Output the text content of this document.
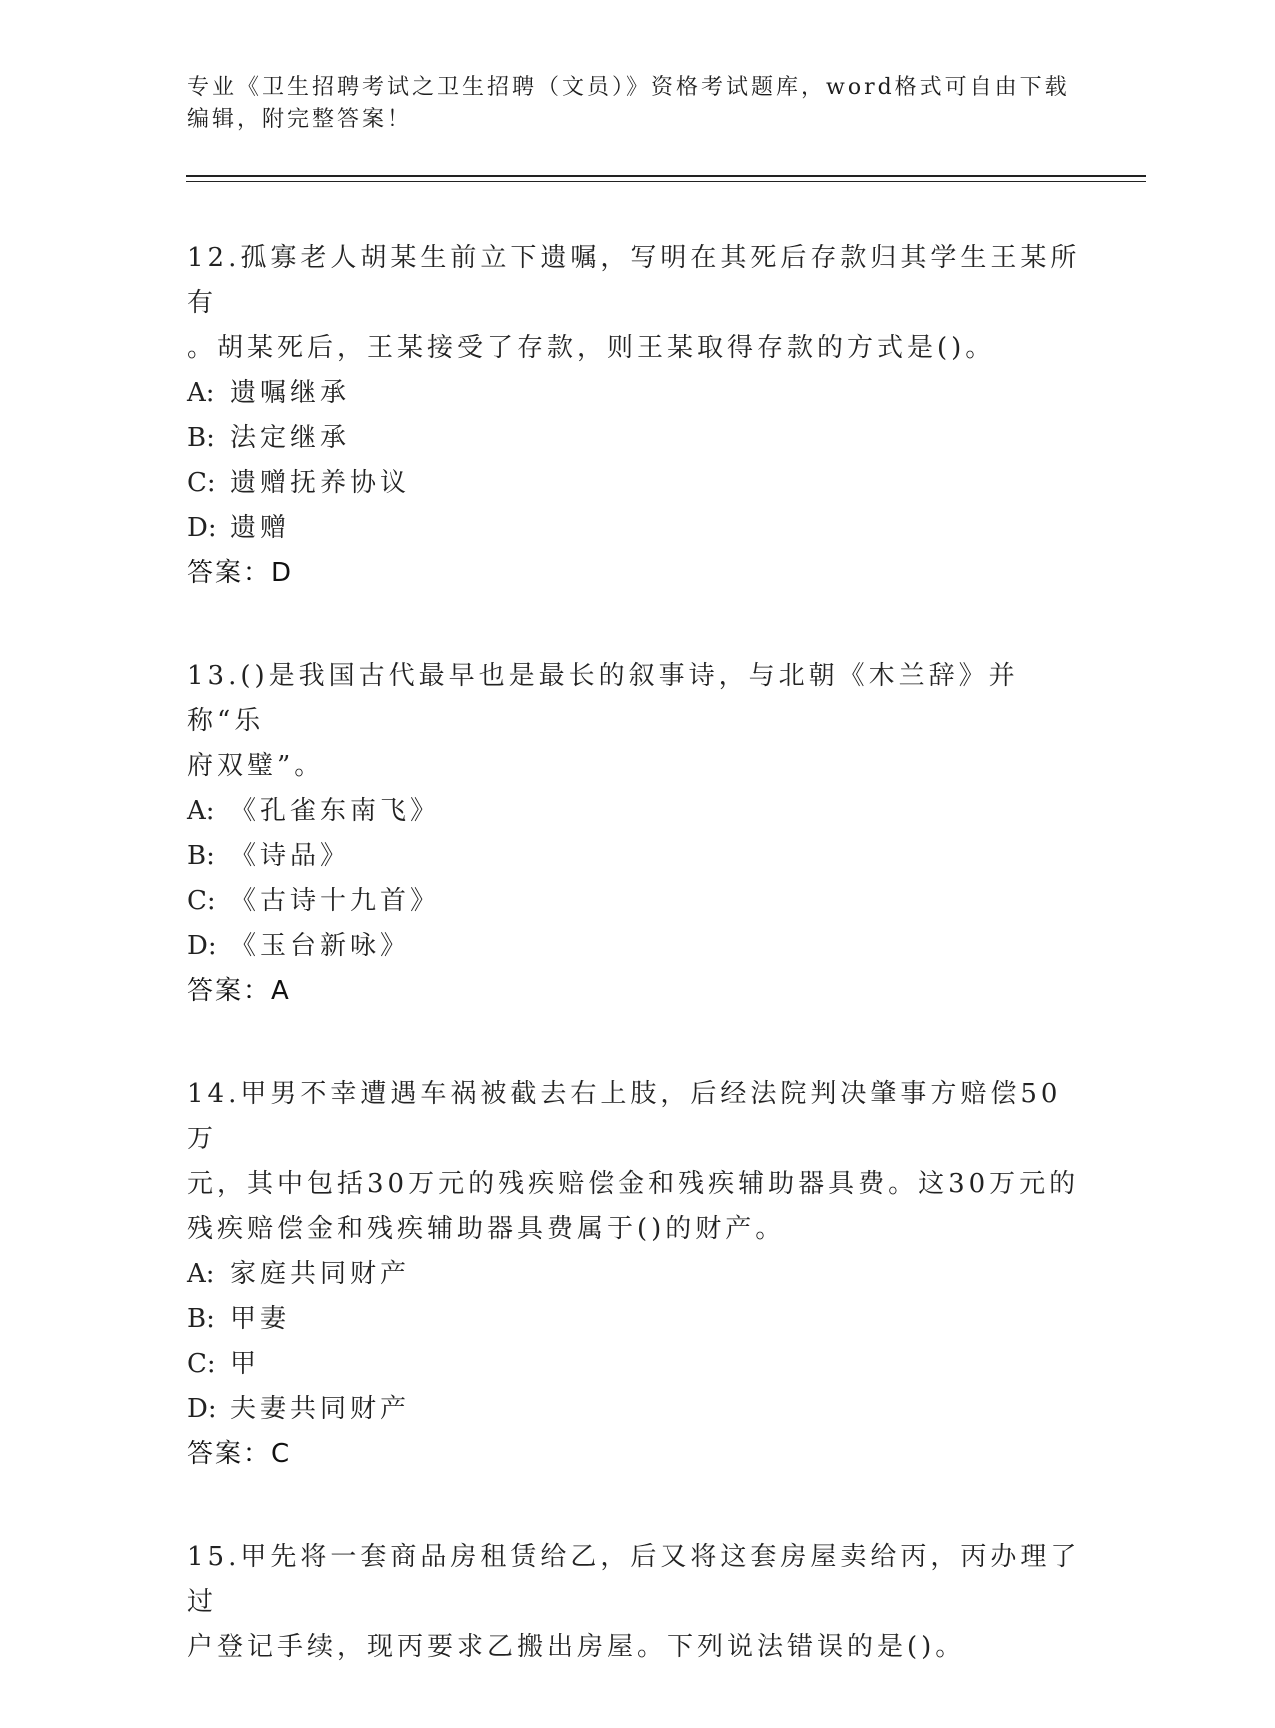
专业《卫生招聘考试之卫生招聘（文员）》资格考试题库，word格式可自由下载
编辑，附完整答案！
12.孤寡老人胡某生前立下遗嘱，写明在其死后存款归其学生王某所有
。胡某死后，王某接受了存款，则王某取得存款的方式是()。
A: 遗嘱继承
B: 法定继承
C: 遗赠抚养协议
D: 遗赠
答案：D
13.()是我国古代最早也是最长的叙事诗，与北朝《木兰辞》并称“乐
府双璧”。
A: 《孔雀东南飞》
B: 《诗品》
C: 《古诗十九首》
D: 《玉台新咏》
答案：A
14.甲男不幸遭遇车祸被截去右上肢，后经法院判决肇事方赔偿50万
元，其中包括30万元的残疾赔偿金和残疾辅助器具费。这30万元的
残疾赔偿金和残疾辅助器具费属于()的财产。
A: 家庭共同财产
B: 甲妻
C: 甲
D: 夫妻共同财产
答案：C
15.甲先将一套商品房租赁给乙，后又将这套房屋卖给丙，丙办理了过
户登记手续，现丙要求乙搬出房屋。下列说法错误的是()。
